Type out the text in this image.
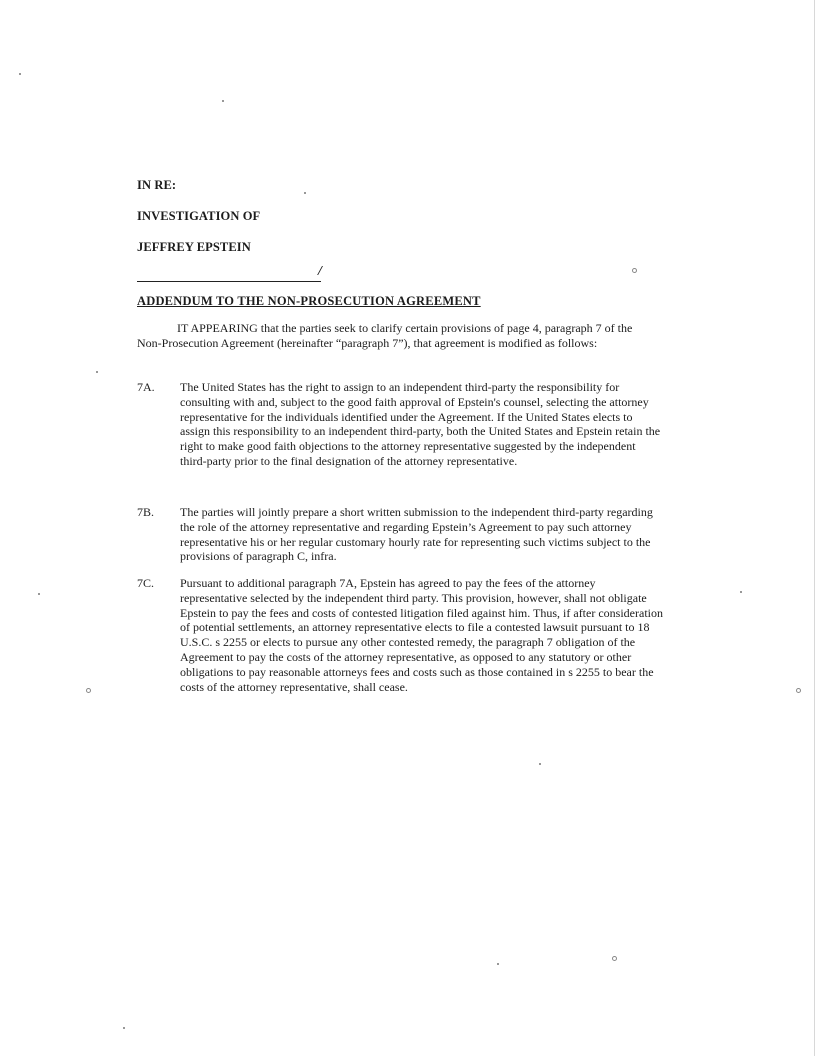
IN RE:
INVESTIGATION OF
JEFFREY EPSTEIN
/
ADDENDUM TO THE NON-PROSECUTION AGREEMENT
IT APPEARING that the parties seek to clarify certain provisions of page 4, paragraph 7 of the Non-Prosecution Agreement (hereinafter “paragraph 7”), that agreement is modified as follows:
7A. The United States has the right to assign to an independent third-party the responsibility for consulting with and, subject to the good faith approval of Epstein's counsel, selecting the attorney representative for the individuals identified under the Agreement. If the United States elects to assign this responsibility to an independent third-party, both the United States and Epstein retain the right to make good faith objections to the attorney representative suggested by the independent third-party prior to the final designation of the attorney representative.
7B. The parties will jointly prepare a short written submission to the independent third-party regarding the role of the attorney representative and regarding Epstein’s Agreement to pay such attorney representative his or her regular customary hourly rate for representing such victims subject to the provisions of paragraph C, infra.
7C. Pursuant to additional paragraph 7A, Epstein has agreed to pay the fees of the attorney representative selected by the independent third party. This provision, however, shall not obligate Epstein to pay the fees and costs of contested litigation filed against him. Thus, if after consideration of potential settlements, an attorney representative elects to file a contested lawsuit pursuant to 18 U.S.C. s 2255 or elects to pursue any other contested remedy, the paragraph 7 obligation of the Agreement to pay the costs of the attorney representative, as opposed to any statutory or other obligations to pay reasonable attorneys fees and costs such as those contained in s 2255 to bear the costs of the attorney representative, shall cease.
